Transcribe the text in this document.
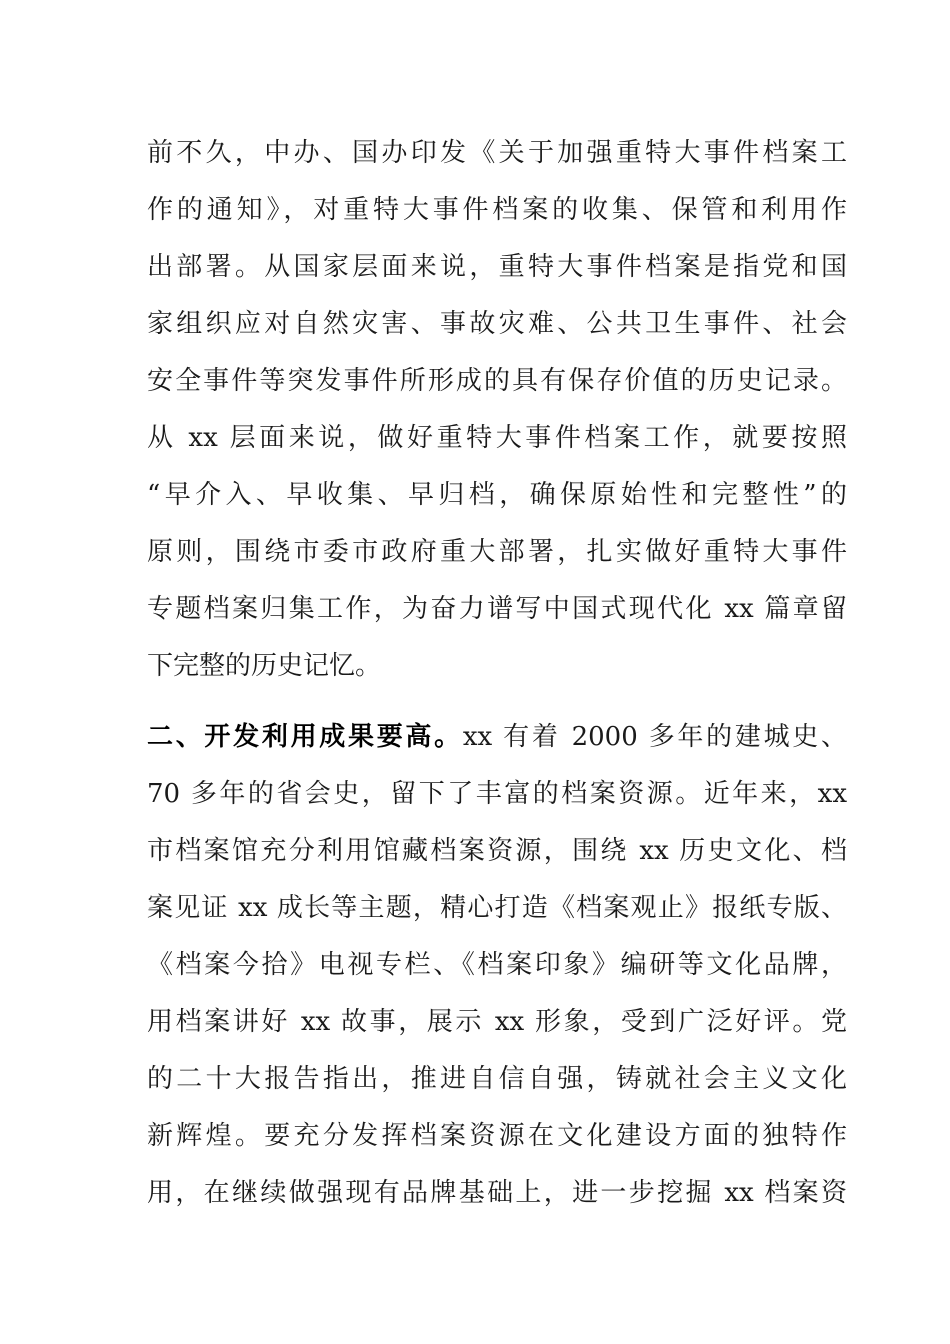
前不久，中办、国办印发《关于加强重特大事件档案工
作的通知》，对重特大事件档案的收集、保管和利用作
出部署。从国家层面来说，重特大事件档案是指党和国
家组织应对自然灾害、事故灾难、公共卫生事件、社会
安全事件等突发事件所形成的具有保存价值的历史记录。
从 xx 层面来说，做好重特大事件档案工作，就要按照
“早介入、早收集、早归档，确保原始性和完整性”的
原则，围绕市委市政府重大部署，扎实做好重特大事件
专题档案归集工作，为奋力谱写中国式现代化 xx 篇章留
下完整的历史记忆。
二、开发利用成果要高。xx 有着 2000 多年的建城史、
70 多年的省会史，留下了丰富的档案资源。近年来，xx
市档案馆充分利用馆藏档案资源，围绕 xx 历史文化、档
案见证 xx 成长等主题，精心打造《档案观止》报纸专版、
《档案今拾》电视专栏、《档案印象》编研等文化品牌，
用档案讲好 xx 故事，展示 xx 形象，受到广泛好评。党
的二十大报告指出，推进自信自强，铸就社会主义文化
新辉煌。要充分发挥档案资源在文化建设方面的独特作
用，在继续做强现有品牌基础上，进一步挖掘 xx 档案资
